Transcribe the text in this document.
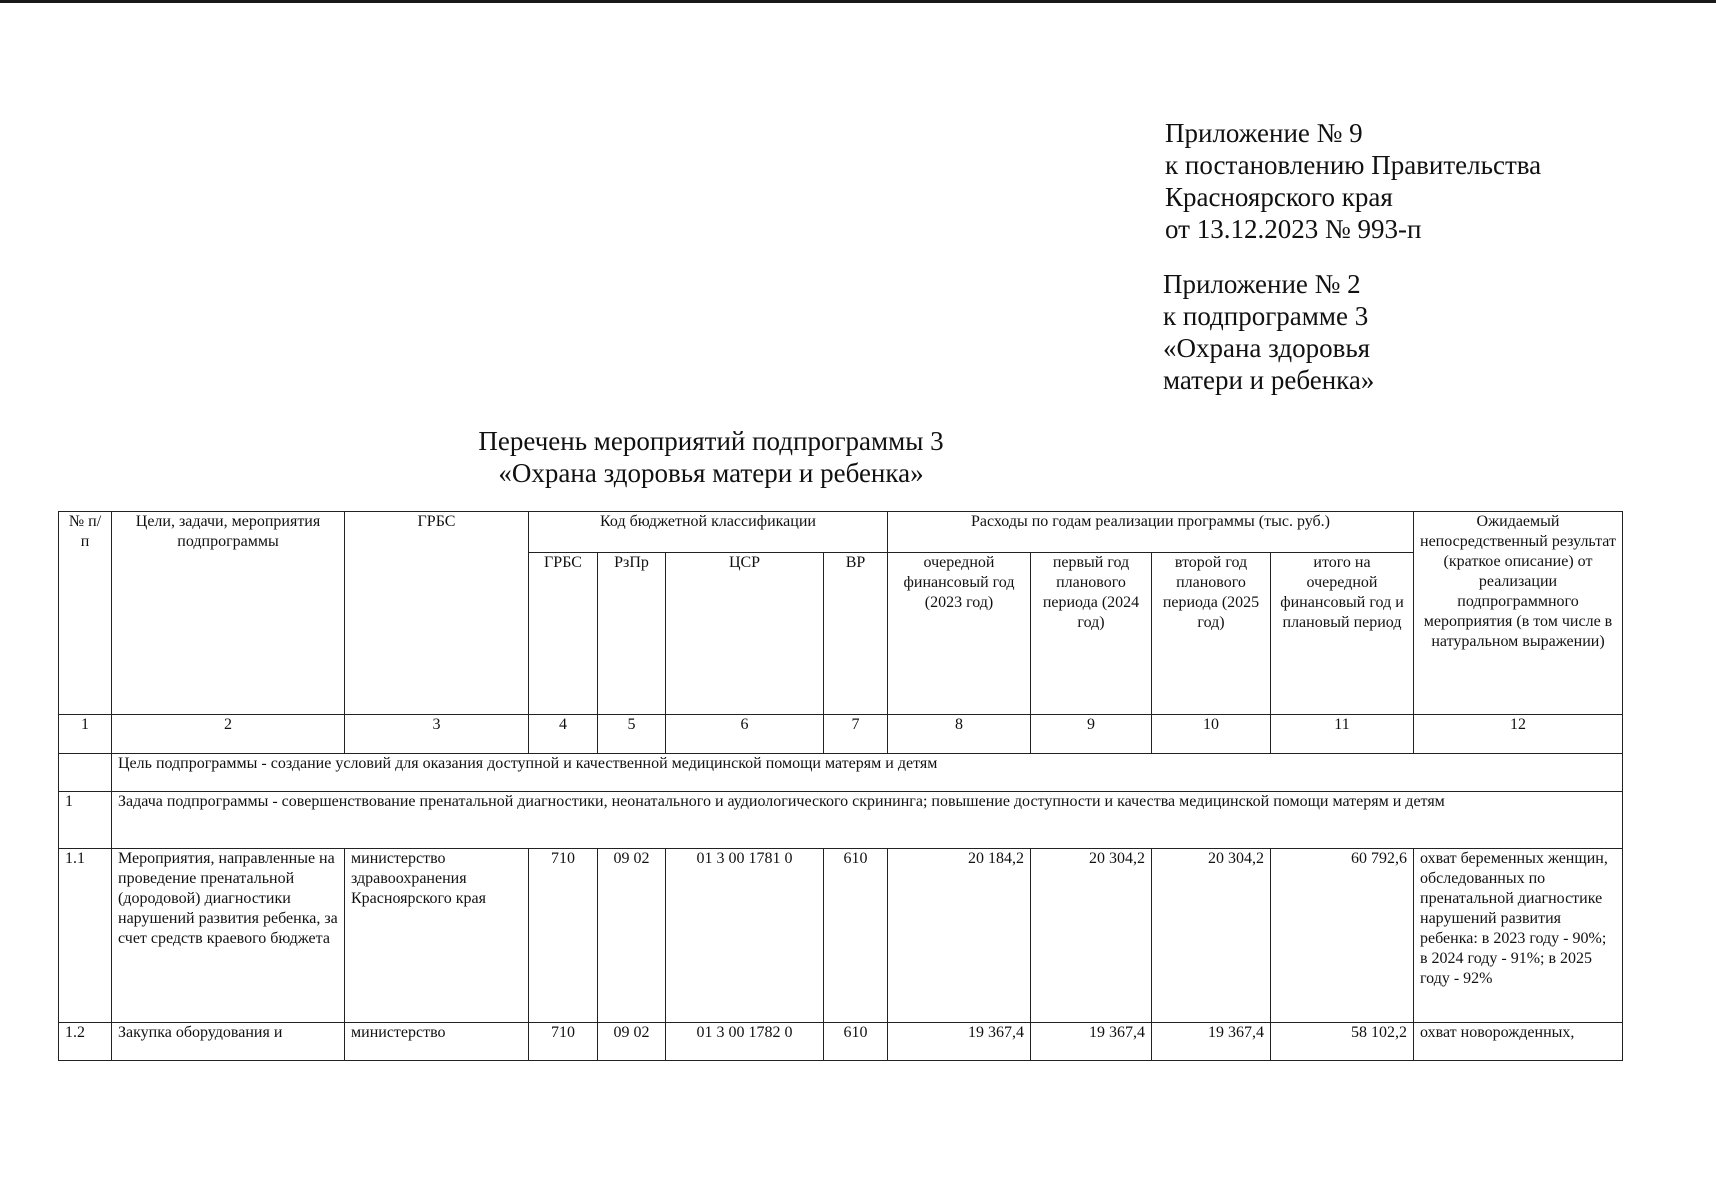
Приложение № 9
к постановлению Правительства
Красноярского края
от 13.12.2023 № 993-п
Приложение № 2
к подпрограмме 3
«Охрана здоровья
матери и ребенка»
Перечень мероприятий подпрограммы 3
«Охрана здоровья матери и ребенка»
№ п/п	Цели, задачи, мероприятия подпрограммы	ГРБС	Код бюджетной классификации				Расходы по годам реализации программы (тыс. руб.)				Ожидаемый непосредственный результат (краткое описание) от реализации подпрограммного мероприятия (в том числе в натуральном выражении)
			ГРБС	РзПр	ЦСР	ВР	очередной финансовый год (2023 год)	первый год планового периода (2024 год)	второй год планового периода (2025 год)	итого на очередной финансовый год и плановый период	
1	2	3	4	5	6	7	8	9	10	11	12
	Цель подпрограммы - создание условий для оказания доступной и качественной медицинской помощи матерям и детям										
1	Задача подпрограммы - совершенствование пренатальной диагностики, неонатального и аудиологического скрининга; повышение доступности и качества медицинской помощи матерям и детям										
1.1	Мероприятия, направленные на проведение пренатальной (дородовой) диагностики нарушений развития ребенка, за счет средств краевого бюджета	министерство здравоохранения Красноярского края	710	09 02	01 3 00 1781 0	610	20 184,2	20 304,2	20 304,2	60 792,6	охват беременных женщин, обследованных по пренатальной диагностике нарушений развития ребенка: в 2023 году - 90%; в 2024 году - 91%; в 2025 году - 92%
1.2	Закупка оборудования и	министерство	710	09 02	01 3 00 1782 0	610	19 367,4	19 367,4	19 367,4	58 102,2	охват новорожденных,
